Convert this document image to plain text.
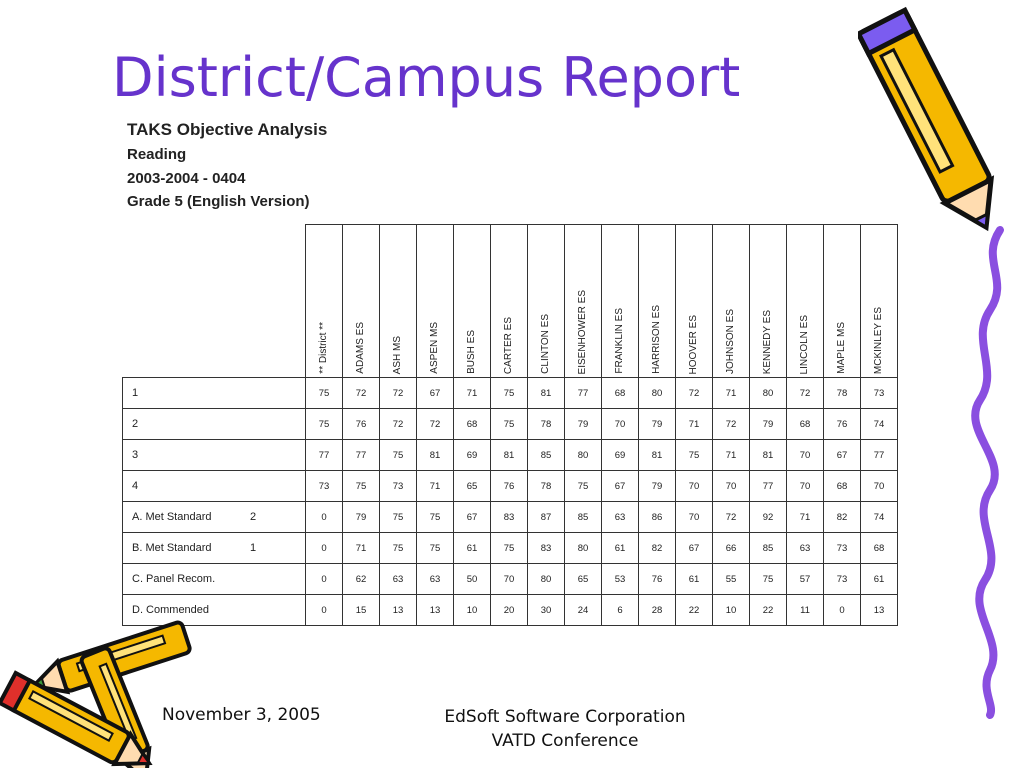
District/Campus Report
TAKS Objective Analysis
Reading
2003-2004 - 0404
Grade 5 (English Version)
	** District **	ADAMS ES	ASH MS	ASPEN MS	BUSH ES	CARTER ES	CLINTON ES	EISENHOWER ES	FRANKLIN ES	HARRISON ES	HOOVER ES	JOHNSON ES	KENNEDY ES	LINCOLN ES	MAPLE MS	MCKINLEY ES
1	75	72	72	67	71	75	81	77	68	80	72	71	80	72	78	73
2	75	76	72	72	68	75	78	79	70	79	71	72	79	68	76	74
3	77	77	75	81	69	81	85	80	69	81	75	71	81	70	67	77
4	73	75	73	71	65	76	78	75	67	79	70	70	77	70	68	70
A. Met Standard 2	0	79	75	75	67	83	87	85	63	86	70	72	92	71	82	74
B. Met Standard 1	0	71	75	75	61	75	83	80	61	82	67	66	85	63	73	68
C. Panel Recom.	0	62	63	63	50	70	80	65	53	76	61	55	75	57	73	61
D. Commended	0	15	13	13	10	20	30	24	6	28	22	10	22	11	0	13
November 3, 2005	EdSoft Software Corporation
VATD Conference
